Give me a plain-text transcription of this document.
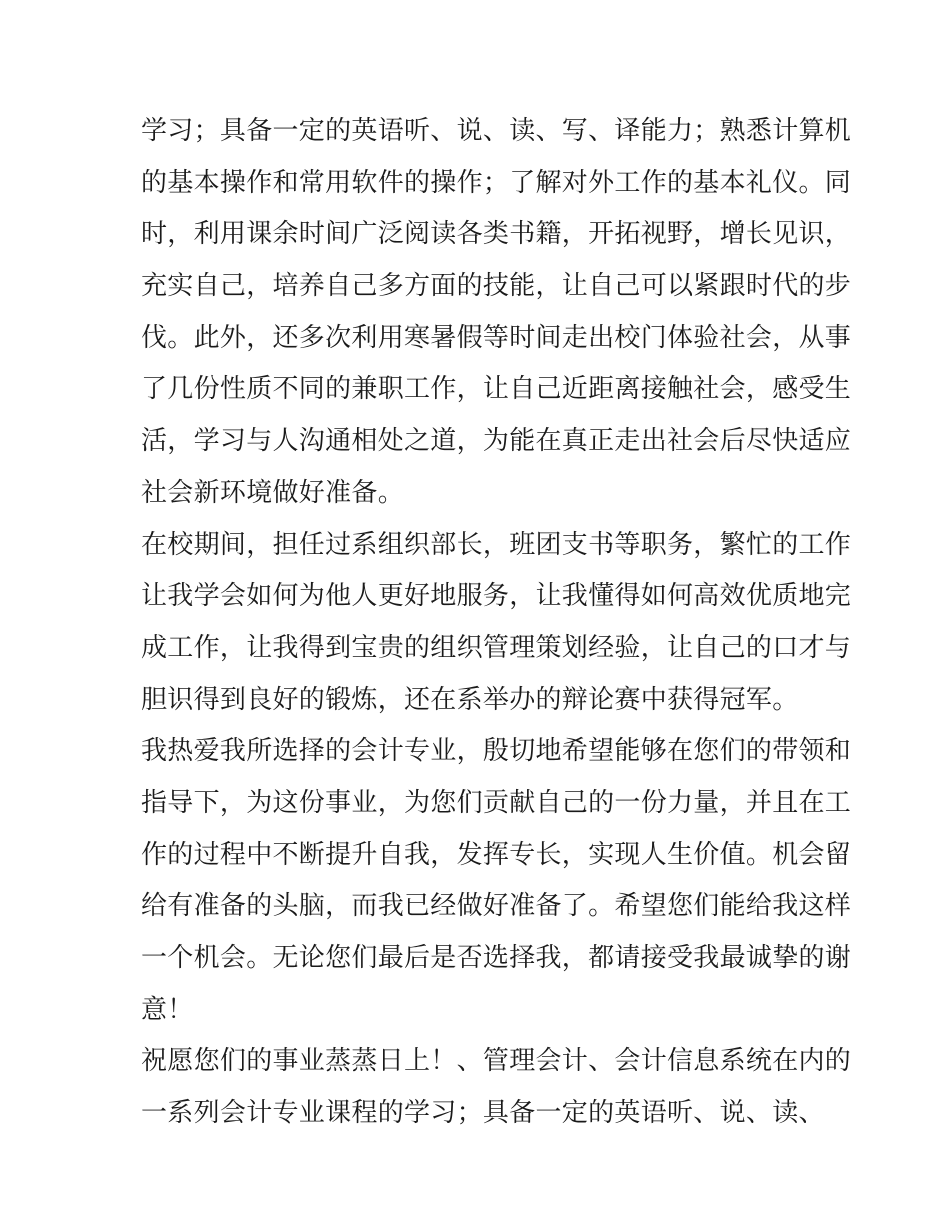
学习；具备一定的英语听、说、读、写、译能力；熟悉计算机
的基本操作和常用软件的操作；了解对外工作的基本礼仪。同
时，利用课余时间广泛阅读各类书籍，开拓视野，增长见识，
充实自己，培养自己多方面的技能，让自己可以紧跟时代的步
伐。此外，还多次利用寒暑假等时间走出校门体验社会，从事
了几份性质不同的兼职工作，让自己近距离接触社会，感受生
活，学习与人沟通相处之道，为能在真正走出社会后尽快适应
社会新环境做好准备。
在校期间，担任过系组织部长，班团支书等职务，繁忙的工作
让我学会如何为他人更好地服务，让我懂得如何高效优质地完
成工作，让我得到宝贵的组织管理策划经验，让自己的口才与
胆识得到良好的锻炼，还在系举办的辩论赛中获得冠军。
我热爱我所选择的会计专业，殷切地希望能够在您们的带领和
指导下，为这份事业，为您们贡献自己的一份力量，并且在工
作的过程中不断提升自我，发挥专长，实现人生价值。机会留
给有准备的头脑，而我已经做好准备了。希望您们能给我这样
一个机会。无论您们最后是否选择我，都请接受我最诚挚的谢
意！
祝愿您们的事业蒸蒸日上！、管理会计、会计信息系统在内的
一系列会计专业课程的学习；具备一定的英语听、说、读、
